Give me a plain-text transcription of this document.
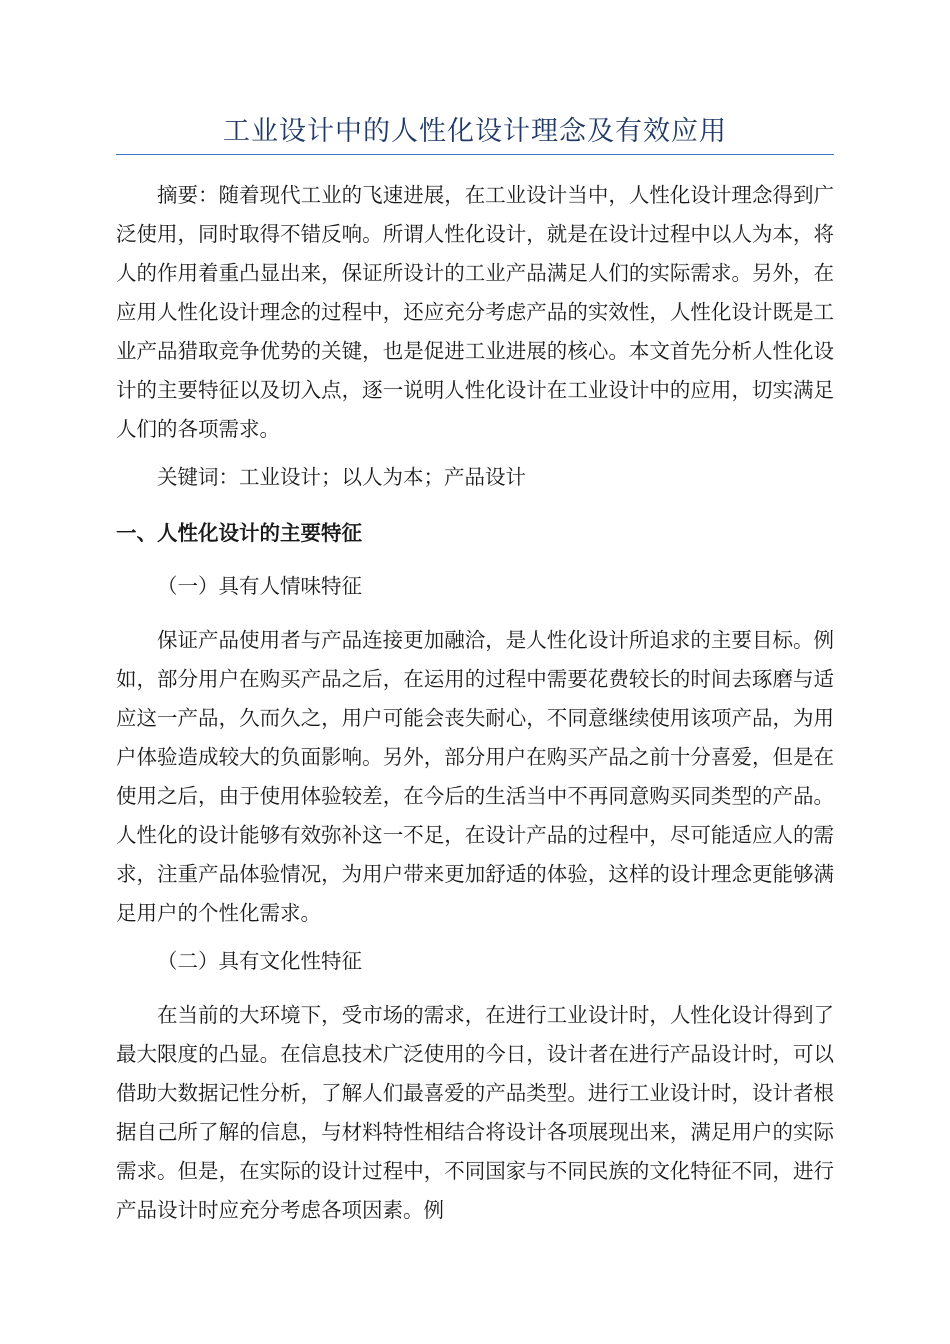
工业设计中的人性化设计理念及有效应用

摘要：随着现代工业的飞速进展，在工业设计当中，人性化设计理念得到广泛使用，同时取得不错反响。所谓人性化设计，就是在设计过程中以人为本，将人的作用着重凸显出来，保证所设计的工业产品满足人们的实际需求。另外，在应用人性化设计理念的过程中，还应充分考虑产品的实效性，人性化设计既是工业产品猎取竞争优势的关键，也是促进工业进展的核心。本文首先分析人性化设计的主要特征以及切入点，逐一说明人性化设计在工业设计中的应用，切实满足人们的各项需求。

关键词：工业设计；以人为本；产品设计

一、人性化设计的主要特征

（一）具有人情味特征

保证产品使用者与产品连接更加融洽，是人性化设计所追求的主要目标。例如，部分用户在购买产品之后，在运用的过程中需要花费较长的时间去琢磨与适应这一产品，久而久之，用户可能会丧失耐心，不同意继续使用该项产品，为用户体验造成较大的负面影响。另外，部分用户在购买产品之前十分喜爱，但是在使用之后，由于使用体验较差，在今后的生活当中不再同意购买同类型的产品。人性化的设计能够有效弥补这一不足，在设计产品的过程中，尽可能适应人的需求，注重产品体验情况，为用户带来更加舒适的体验，这样的设计理念更能够满足用户的个性化需求。

（二）具有文化性特征

在当前的大环境下，受市场的需求，在进行工业设计时，人性化设计得到了最大限度的凸显。在信息技术广泛使用的今日，设计者在进行产品设计时，可以借助大数据记性分析，了解人们最喜爱的产品类型。进行工业设计时，设计者根据自己所了解的信息，与材料特性相结合将设计各项展现出来，满足用户的实际需求。但是，在实际的设计过程中，不同国家与不同民族的文化特征不同，进行产品设计时应充分考虑各项因素。例
